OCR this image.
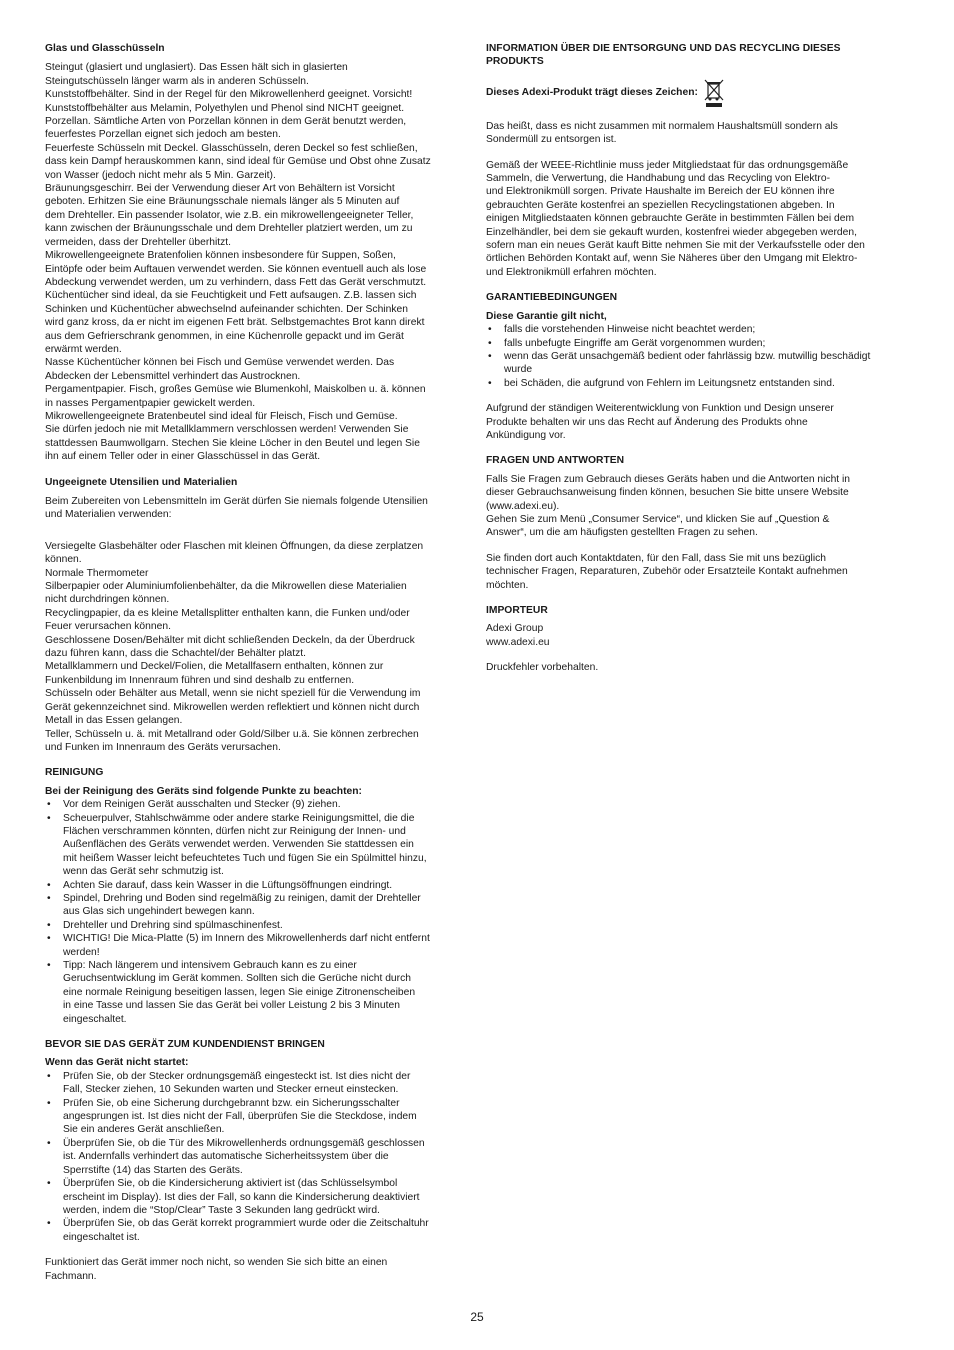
Glas und Glasschüsseln

Steingut (glasiert und unglasiert). Das Essen hält sich in glasierten
Steingutschüsseln länger warm als in anderen Schüsseln.
Kunststoffbehälter. Sind in der Regel für den Mikrowellenherd geeignet. Vorsicht!
Kunststoffbehälter aus Melamin, Polyethylen und Phenol sind NICHT geeignet.
Porzellan. Sämtliche Arten von Porzellan können in dem Gerät benutzt werden,
feuerfestes Porzellan eignet sich jedoch am besten.
Feuerfeste Schüsseln mit Deckel. Glasschüsseln, deren Deckel so fest schließen,
dass kein Dampf herauskommen kann, sind ideal für Gemüse und Obst ohne Zusatz
von Wasser (jedoch nicht mehr als 5 Min. Garzeit).
Bräunungsgeschirr. Bei der Verwendung dieser Art von Behältern ist Vorsicht
geboten. Erhitzen Sie eine Bräunungsschale niemals länger als 5 Minuten auf
dem Drehteller. Ein passender Isolator, wie z.B. ein mikrowellengeeigneter Teller,
kann zwischen der Bräunungsschale und dem Drehteller platziert werden, um zu
vermeiden, dass der Drehteller überhitzt.
Mikrowellengeeignete Bratenfolien können insbesondere für Suppen, Soßen,
Eintöpfe oder beim Auftauen verwendet werden. Sie können eventuell auch als lose
Abdeckung verwendet werden, um zu verhindern, dass Fett das Gerät verschmutzt.
Küchentücher sind ideal, da sie Feuchtigkeit und Fett aufsaugen. Z.B. lassen sich
Schinken und Küchentücher abwechselnd aufeinander schichten. Der Schinken
wird ganz kross, da er nicht im eigenen Fett brät. Selbstgemachtes Brot kann direkt
aus dem Gefrierschrank genommen, in eine Küchenrolle gepackt und im Gerät
erwärmt werden.
Nasse Küchentücher können bei Fisch und Gemüse verwendet werden. Das
Abdecken der Lebensmittel verhindert das Austrocknen.
Pergamentpapier. Fisch, großes Gemüse wie Blumenkohl, Maiskolben u. ä. können
in nasses Pergamentpapier gewickelt werden.
Mikrowellengeeignete Bratenbeutel sind ideal für Fleisch, Fisch und Gemüse.
Sie dürfen jedoch nie mit Metallklammern verschlossen werden! Verwenden Sie
stattdessen Baumwollgarn. Stechen Sie kleine Löcher in den Beutel und legen Sie
ihn auf einem Teller oder in einer Glasschüssel in das Gerät.

Ungeeignete Utensilien und Materialien

Beim Zubereiten von Lebensmitteln im Gerät dürfen Sie niemals folgende Utensilien
und Materialien verwenden:
Versiegelte Glasbehälter oder Flaschen mit kleinen Öffnungen, da diese zerplatzen
können.
Normale Thermometer
Silberpapier oder Aluminiumfolienbehälter, da die Mikrowellen diese Materialien
nicht durchdringen können.
Recyclingpapier, da es kleine Metallsplitter enthalten kann, die Funken und/oder
Feuer verursachen können.
Geschlossene Dosen/Behälter mit dicht schließenden Deckeln, da der Überdruck
dazu führen kann, dass die Schachtel/der Behälter platzt.
Metallklammern und Deckel/Folien, die Metallfasern enthalten, können zur
Funkenbildung im Innenraum führen und sind deshalb zu entfernen.
Schüsseln oder Behälter aus Metall, wenn sie nicht speziell für die Verwendung im
Gerät gekennzeichnet sind. Mikrowellen werden reflektiert und können nicht durch
Metall in das Essen gelangen.
Teller, Schüsseln u. ä. mit Metallrand oder Gold/Silber u.ä. Sie können zerbrechen
und Funken im Innenraum des Geräts verursachen.
REINIGUNG

Bei der Reinigung des Geräts sind folgende Punkte zu beachten:

• Vor dem Reinigen Gerät ausschalten und Stecker (9) ziehen.
• Scheuerpulver, Stahlschwämme oder andere starke Reinigungsmittel, die die
Flächen verschrammen könnten, dürfen nicht zur Reinigung der Innen- und
Außenflächen des Geräts verwendet werden. Verwenden Sie stattdessen ein
mit heißem Wasser leicht befeuchtetes Tuch und fügen Sie ein Spülmittel hinzu,
wenn das Gerät sehr schmutzig ist.
• Achten Sie darauf, dass kein Wasser in die Lüftungsöffnungen eindringt.
• Spindel, Drehring und Boden sind regelmäßig zu reinigen, damit der Drehteller
aus Glas sich ungehindert bewegen kann.
• Drehteller und Drehring sind spülmaschinenfest.
• WICHTIG! Die Mica-Platte (5) im Innern des Mikrowellenherds darf nicht entfernt
werden!
• Tipp: Nach längerem und intensivem Gebrauch kann es zu einer
Geruchsentwicklung im Gerät kommen. Sollten sich die Gerüche nicht durch
eine normale Reinigung beseitigen lassen, legen Sie einige Zitronenscheiben
in eine Tasse und lassen Sie das Gerät bei voller Leistung 2 bis 3 Minuten
eingeschaltet.
BEVOR SIE DAS GERÄT ZUM KUNDENDIENST BRINGEN

Wenn das Gerät nicht startet:

• Prüfen Sie, ob der Stecker ordnungsgemäß eingesteckt ist. Ist dies nicht der
Fall, Stecker ziehen, 10 Sekunden warten und Stecker erneut einstecken.
• Prüfen Sie, ob eine Sicherung durchgebrannt bzw. ein Sicherungsschalter
angesprungen ist. Ist dies nicht der Fall, überprüfen Sie die Steckdose, indem
Sie ein anderes Gerät anschließen.
• Überprüfen Sie, ob die Tür des Mikrowellenherds ordnungsgemäß geschlossen
ist. Andernfalls verhindert das automatische Sicherheitssystem über die
Sperrstifte (14) das Starten des Geräts.
• Überprüfen Sie, ob die Kindersicherung aktiviert ist (das Schlüsselsymbol
erscheint im Display). Ist dies der Fall, so kann die Kindersicherung deaktiviert
werden, indem die “Stop/Clear” Taste 3 Sekunden lang gedrückt wird.
• Überprüfen Sie, ob das Gerät korrekt programmiert wurde oder die Zeitschaltuhr
eingeschaltet ist.
Funktioniert das Gerät immer noch nicht, so wenden Sie sich bitte an einen
Fachmann.
INFORMATION ÜBER DIE ENTSORGUNG UND DAS RECYCLING DIESES
PRODUKTS
Dieses Adexi-Produkt trägt dieses Zeichen:
Das heißt, dass es nicht zusammen mit normalem Haushaltsmüll sondern als
Sondermüll zu entsorgen ist.
Gemäß der WEEE-Richtlinie muss jeder Mitgliedstaat für das ordnungsgemäße
Sammeln, die Verwertung, die Handhabung und das Recycling von Elektro-
und Elektronikmüll sorgen. Private Haushalte im Bereich der EU können ihre
gebrauchten Geräte kostenfrei an speziellen Recyclingstationen abgeben. In
einigen Mitgliedstaaten können gebrauchte Geräte in bestimmten Fällen bei dem
Einzelhändler, bei dem sie gekauft wurden, kostenfrei wieder abgegeben werden,
sofern man ein neues Gerät kauft Bitte nehmen Sie mit der Verkaufsstelle oder den
örtlichen Behörden Kontakt auf, wenn Sie Näheres über den Umgang mit Elektro-
und Elektronikmüll erfahren möchten.
GARANTIEBEDINGUNGEN

Diese Garantie gilt nicht,

• falls die vorstehenden Hinweise nicht beachtet werden;
• falls unbefugte Eingriffe am Gerät vorgenommen wurden;
• wenn das Gerät unsachgemäß bedient oder fahrlässig bzw. mutwillig beschädigt
wurde
• bei Schäden, die aufgrund von Fehlern im Leitungsnetz entstanden sind.
Aufgrund der ständigen Weiterentwicklung von Funktion und Design unserer
Produkte behalten wir uns das Recht auf Änderung des Produkts ohne
Ankündigung vor.
FRAGEN UND ANTWORTEN
Falls Sie Fragen zum Gebrauch dieses Geräts haben und die Antworten nicht in
dieser Gebrauchsanweisung finden können, besuchen Sie bitte unsere Website
(www.adexi.eu).
Gehen Sie zum Menü „Consumer Service“, und klicken Sie auf „Question &
Answer“, um die am häufigsten gestellten Fragen zu sehen.
Sie finden dort auch Kontaktdaten, für den Fall, dass Sie mit uns bezüglich
technischer Fragen, Reparaturen, Zubehör oder Ersatzteile Kontakt aufnehmen
möchten.
IMPORTEUR
Adexi Group
www.adexi.eu

Druckfehler vorbehalten.

25
